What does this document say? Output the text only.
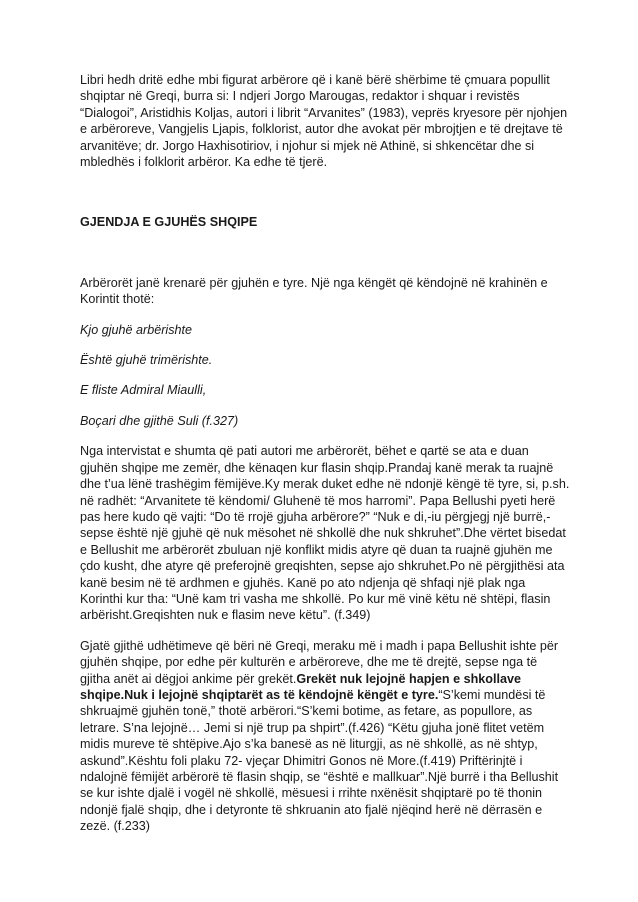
Libri hedh dritë edhe mbi figurat arbërore që i kanë bërë shërbime të çmuara popullit shqiptar në Greqi, burra si: I ndjeri Jorgo Marougas, redaktor i shquar i revistës “Dialogoi”, Aristidhis Koljas, autori i librit “Arvanites” (1983), veprës kryesore për njohjen e arbëroreve, Vangjelis Ljapis, folklorist, autor dhe avokat për mbrojtjen e të drejtave të arvanitëve; dr. Jorgo Haxhisotiriov, i njohur si mjek në Athinë, si shkencëtar dhe si mbledhës i folklorit arbëror. Ka edhe të tjerë.

GJENDJA E GJUHËS SHQIPE

Arbërorët janë krenarë për gjuhën e tyre. Një nga këngët që këndojnë në krahinën e Korintit thotë:

Kjo gjuhë arbërishte

Është gjuhë trimërishte.

E fliste Admiral Miaulli,

Boçari dhe gjithë Suli (f.327)

Nga intervistat e shumta që pati autori me arbërorët, bëhet e qartë se ata e duan gjuhën shqipe me zemër, dhe kënaqen kur flasin shqip.Prandaj kanë merak ta ruajnë dhe t’ua lënë trashëgim fëmijëve.Ky merak duket edhe në ndonjë këngë të tyre, si, p.sh. në radhët: “Arvanitete të këndomi/ Gluhenë të mos harromi”. Papa Bellushi pyeti herë pas here kudo që vajti: “Do të rrojë gjuha arbërore?” “Nuk e di,-iu përgjegj një burrë,-sepse është një gjuhë që nuk mësohet në shkollë dhe nuk shkruhet”.Dhe vërtet bisedat e Bellushit me arbërorët zbuluan një konflikt midis atyre që duan ta ruajnë gjuhën me çdo kusht, dhe atyre që preferojnë greqishten, sepse ajo shkruhet.Po në përgjithësi ata kanë besim në të ardhmen e gjuhës. Kanë po ato ndjenja që shfaqi një plak nga Korinthi kur tha: “Unë kam tri vasha me shkollë. Po kur më vinë këtu në shtëpi, flasin arbërisht.Greqishten nuk e flasim neve këtu”. (f.349)

Gjatë gjithë udhëtimeve që bëri në Greqi, meraku më i madh i papa Bellushit ishte për gjuhën shqipe, por edhe për kulturën e arbëroreve, dhe me të drejtë, sepse nga të gjitha anët ai dëgjoi ankime për grekët.Grekët nuk lejojnë hapjen e shkollave shqipe.Nuk i lejojnë shqiptarët as të këndojnë këngët e tyre.“S’kemi mundësi të shkruajmë gjuhën tonë,” thotë arbërori.“S’kemi botime, as fetare, as popullore, as letrare. S’na lejojnë… Jemi si një trup pa shpirt”.(f.426) “Këtu gjuha jonë flitet vetëm midis mureve të shtëpive.Ajo s’ka banesë as në liturgji, as në shkollë, as në shtyp, askund”.Kështu foli plaku 72- vjeçar Dhimitri Gonos në More.(f.419) Priftërinjtë i ndalojnë fëmijët arbërorë të flasin shqip, se “është e mallkuar”.Një burrë i tha Bellushit se kur ishte djalë i vogël në shkollë, mësuesi i rrihte nxënësit shqiptarë po të thonin ndonjë fjalë shqip, dhe i detyronte të shkruanin ato fjalë njëqind herë në dërrasën e zezë. (f.233)
